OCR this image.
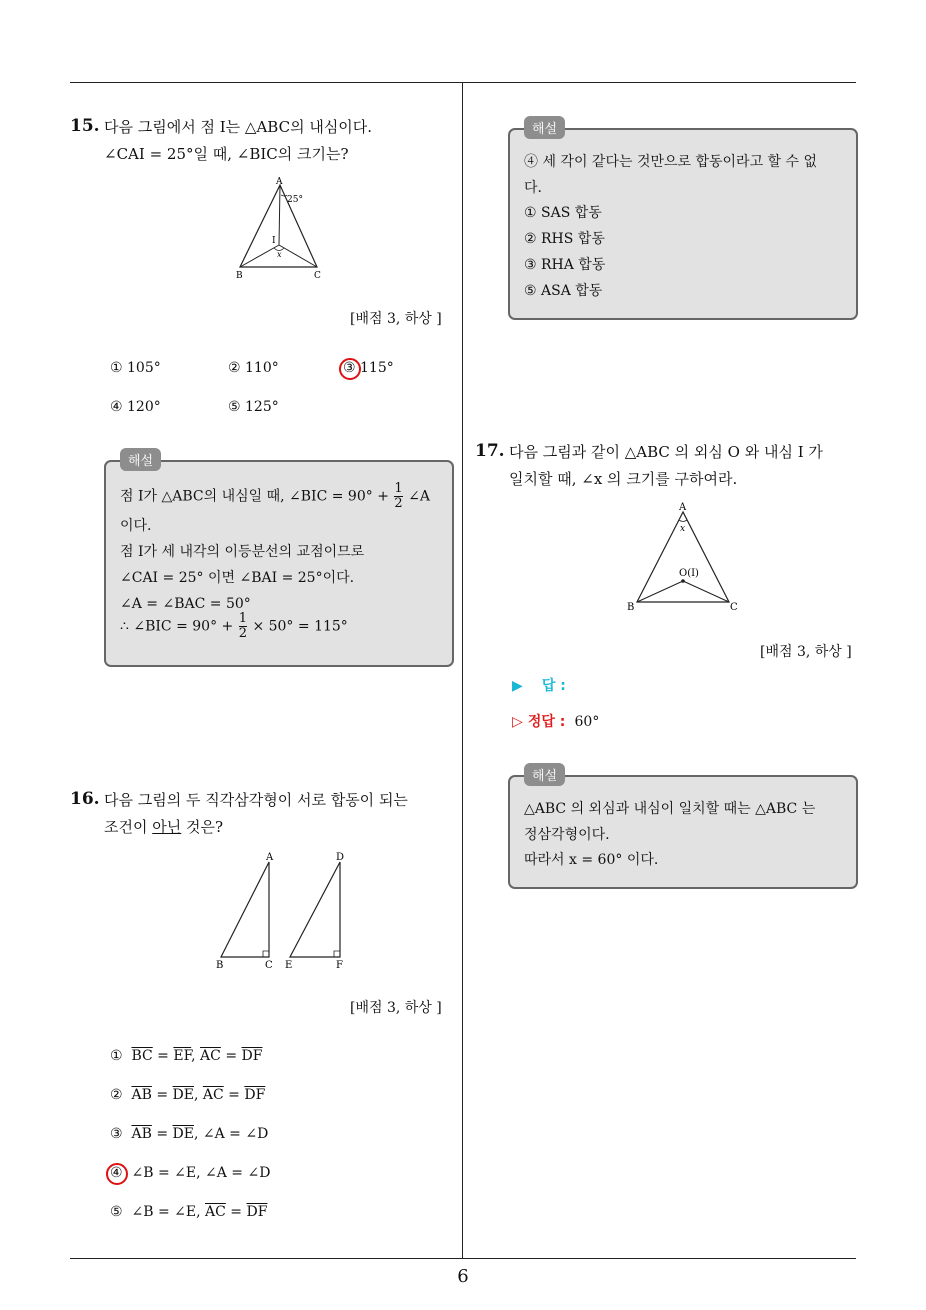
6
15. 다음 그림에서 점 I는 △ABC의 내심이다.
∠CAI = 25°일 때, ∠BIC의 크기는?
A
25°
I
x
B	C
[배점 3, 하상 ]
① 105°	② 110°	③ 115°
④ 120°	⑤ 125°
해설
점 I가 △ABC의 내심일 때, ∠BIC = $90^\circ + \frac{1}{2}$ ∠A
이다.
점 I가 세 내각의 이등분선의 교점이므로
∠CAI = 25° 이면 ∠BAI = 25°이다.
∠A = ∠BAC = 50°
∴ ∠BIC = $90^\circ + \frac{1}{2} \times 50^\circ = 115^\circ$
16. 다음 그림의 두 직각삼각형이 서로 합동이 되는
조건이 아닌 것은?
A
B	C
D
E	F
[배점 3, 하상 ]
① $\overline{BC} = \overline{EF}$, $\overline{AC} = \overline{DF}$
② $\overline{AB} = \overline{DE}$, $\overline{AC} = \overline{DF}$
③ $\overline{AB} = \overline{DE}$, ∠A = ∠D
④ ∠B = ∠E, ∠A = ∠D
⑤ ∠B = ∠E, $\overline{AC} = \overline{DF}$
해설
④ 세 각이 같다는 것만으로 합동이라고 할 수 없
다.
① SAS 합동
② RHS 합동
③ RHA 합동
⑤ ASA 합동
17. 다음 그림과 같이 △ABC 의 외심 O 와 내심 I 가
일치할 때, ∠x 의 크기를 구하여라.
A
x
O(I)
B	C
[배점 3, 하상 ]
▶ 답 :
▷ 정답 : 60°
해설
△ABC 의 외심과 내심이 일치할 때는 △ABC 는
정삼각형이다.
따라서 x = 60° 이다.
